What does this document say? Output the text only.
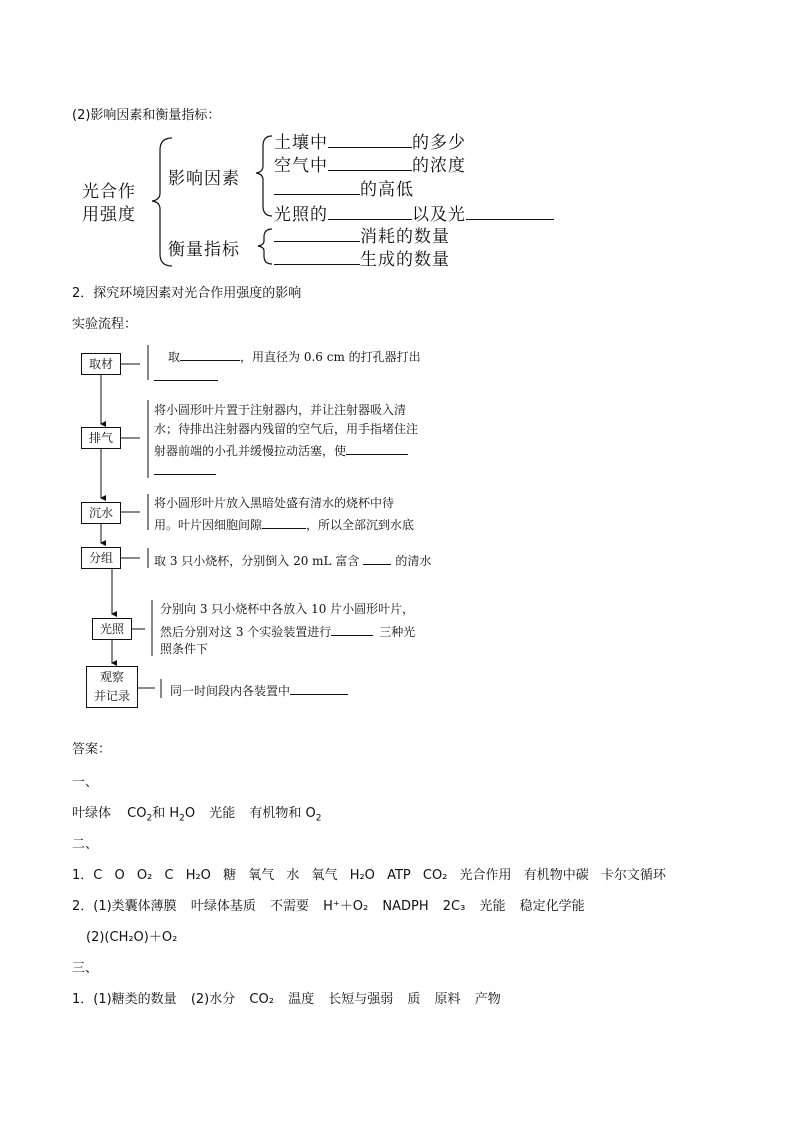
(2)影响因素和衡量指标：
光合作
用强度
影响因素
衡量指标
土壤中	的多少
空气中	的浓度
的高低
光照的	以及光
消耗的数量
生成的数量
2．探究环境因素对光合作用强度的影响
实验流程：
取材	取	，用直径为 0.6 cm 的打孔器打出
排气
将小圆形叶片置于注射器内，并让注射器吸入清
水；待排出注射器内残留的空气后，用手指堵住注
射器前端的小孔并缓慢拉动活塞，使
沉水
将小圆形叶片放入黑暗处盛有清水的烧杯中待
用。叶片因细胞间隙	，所以全部沉到水底
分组	取 3 只小烧杯，分别倒入 20 mL 富含	的清水
光照
分别向 3 只小烧杯中各放入 10 片小圆形叶片，
然后分别对这 3 个实验装置进行	三种光
照条件下
观察
并记录	同一时间段内各装置中
答案：
一、
叶绿体 $CO_2$和 $H_2O$ 光能 有机物和 $O_2$
二、
1．C O O₂ C H₂O 糖 氧气 水 氧气 H₂O ATP CO₂ 光合作用 有机物中碳 卡尔文循环
2．(1)类囊体薄膜 叶绿体基质 不需要 H⁺＋O₂ NADPH 2C₃ 光能 稳定化学能
(2)(CH₂O)＋O₂
三、
1．(1)糖类的数量 (2)水分 CO₂ 温度 长短与强弱 质 原料 产物
